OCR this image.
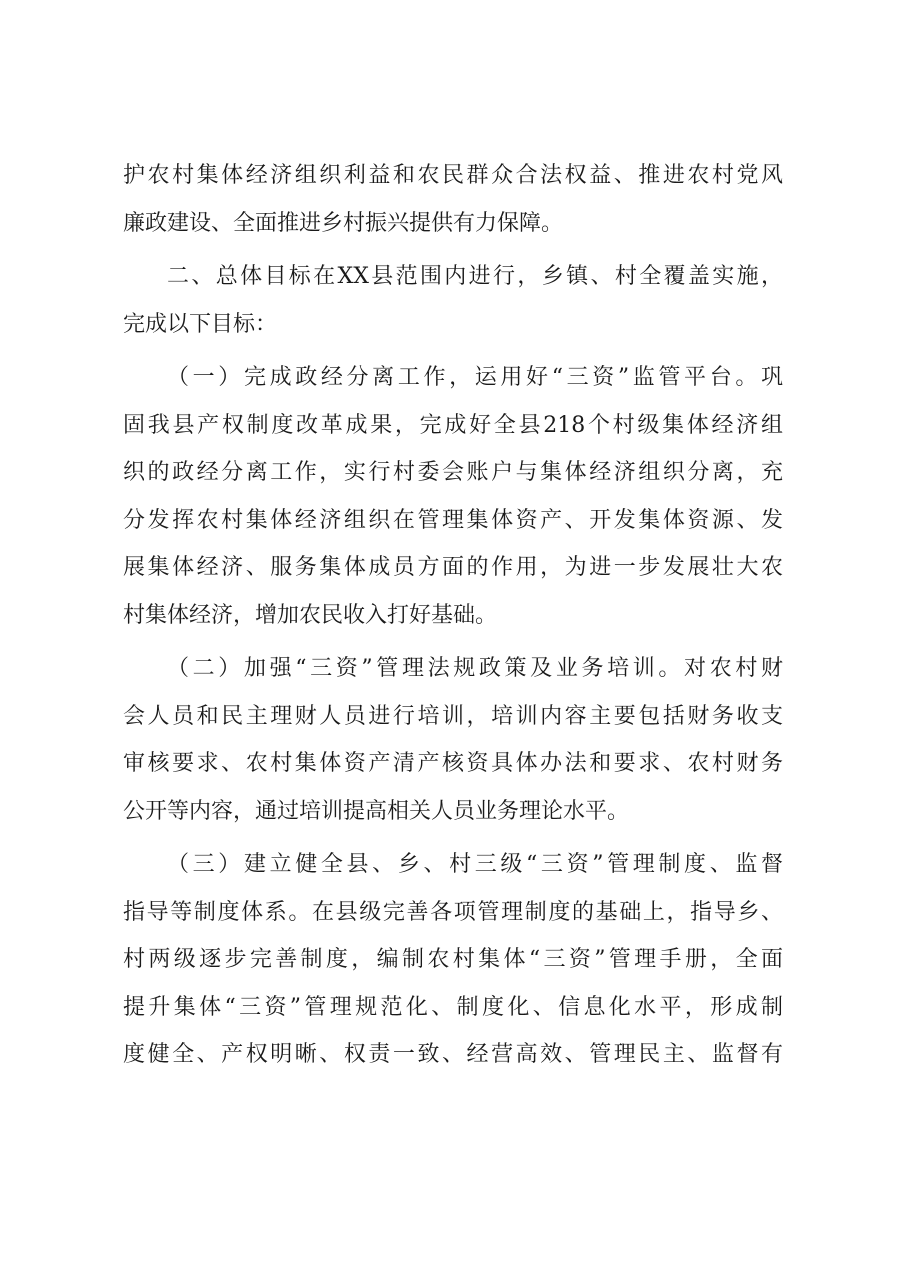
护农村集体经济组织利益和农民群众合法权益、推进农村党风
廉政建设、全面推进乡村振兴提供有力保障。
二、总体目标在XX县范围内进行，乡镇、村全覆盖实施，
完成以下目标：
（一）完成政经分离工作，运用好“三资”监管平台。巩
固我县产权制度改革成果，完成好全县218个村级集体经济组
织的政经分离工作，实行村委会账户与集体经济组织分离，充
分发挥农村集体经济组织在管理集体资产、开发集体资源、发
展集体经济、服务集体成员方面的作用，为进一步发展壮大农
村集体经济，增加农民收入打好基础。
（二）加强“三资”管理法规政策及业务培训。对农村财
会人员和民主理财人员进行培训，培训内容主要包括财务收支
审核要求、农村集体资产清产核资具体办法和要求、农村财务
公开等内容，通过培训提高相关人员业务理论水平。
（三）建立健全县、乡、村三级“三资”管理制度、监督
指导等制度体系。在县级完善各项管理制度的基础上，指导乡、
村两级逐步完善制度，编制农村集体“三资”管理手册，全面
提升集体“三资”管理规范化、制度化、信息化水平，形成制
度健全、产权明晰、权责一致、经营高效、管理民主、监督有
